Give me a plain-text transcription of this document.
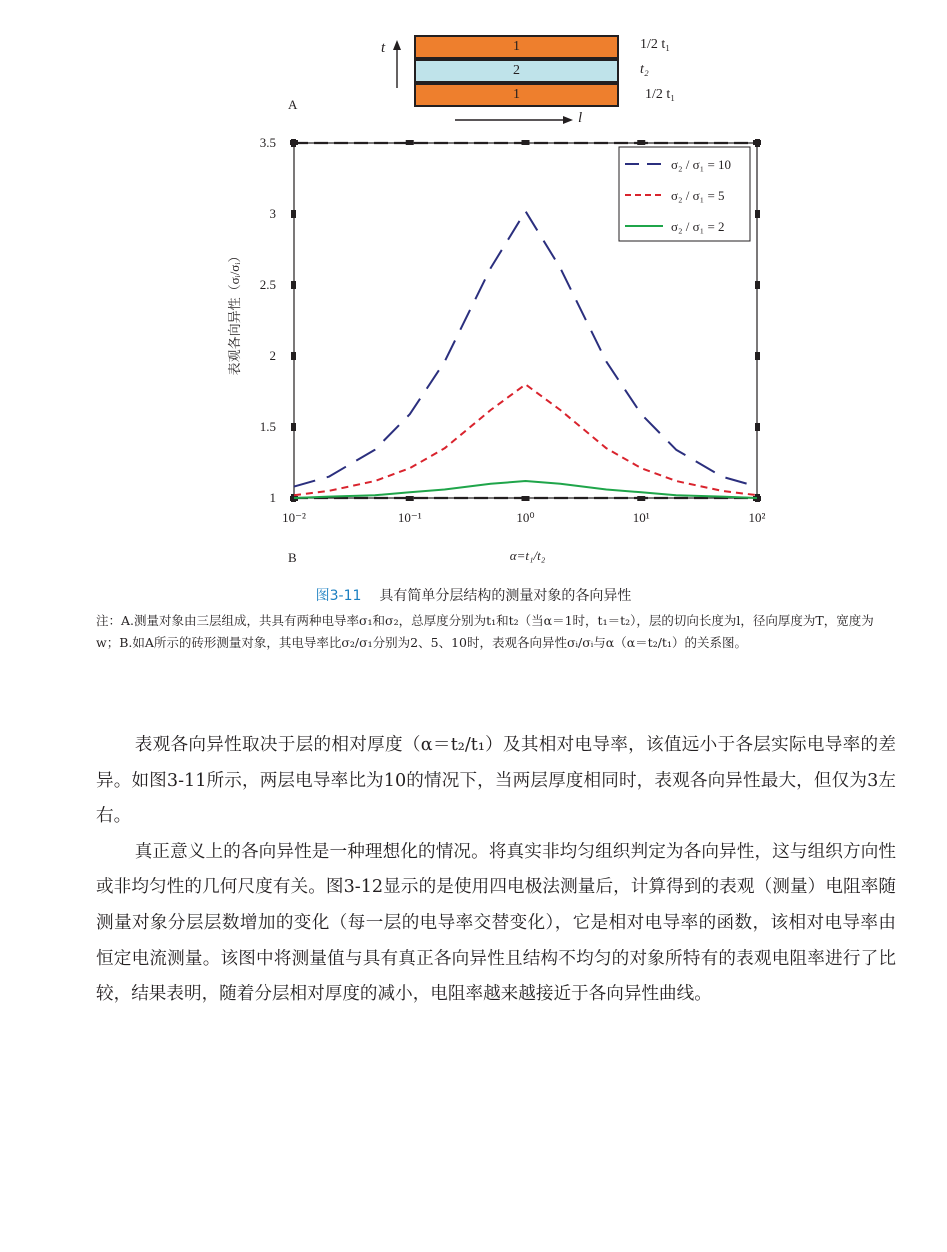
1
2
1
1/2 t₁
t₂
1/2 t₁
t
l
A
1
1.5
2
2.5
3
3.5
10⁻²	10⁻¹	10⁰	10¹	10²
σ₂ / σ₁ = 10
σ₂ / σ₁ = 5
σ₂ / σ₁ = 2
α=t₁/t₂
表观各向异性（σᵢ/σᵢ）
B
图3-11 具有简单分层结构的测量对象的各向异性
注：A.测量对象由三层组成，共具有两种电导率σ₁和σ₂，总厚度分别为t₁和t₂（当α＝1时，t₁＝t₂），层的切向长度为l，径向厚度为T，宽度为w；B.如A所示的砖形测量对象，其电导率比σ₂/σ₁分别为2、5、10时，表观各向异性σᵢ/σᵢ与α（α＝t₂/t₁）的关系图。

表观各向异性取决于层的相对厚度（α＝t₂/t₁）及其相对电导率，该值远小于各层实际电导率的差异。如图3-11所示，两层电导率比为10的情况下，当两层厚度相同时，表观各向异性最大，但仅为3左右。

真正意义上的各向异性是一种理想化的情况。将真实非均匀组织判定为各向异性，这与组织方向性或非均匀性的几何尺度有关。图3-12显示的是使用四电极法测量后，计算得到的表观（测量）电阻率随测量对象分层层数增加的变化（每一层的电导率交替变化），它是相对电导率的函数，该相对电导率由恒定电流测量。该图中将测量值与具有真正各向异性且结构不均匀的对象所特有的表观电阻率进行了比较，结果表明，随着分层相对厚度的减小，电阻率越来越接近于各向异性曲线。
